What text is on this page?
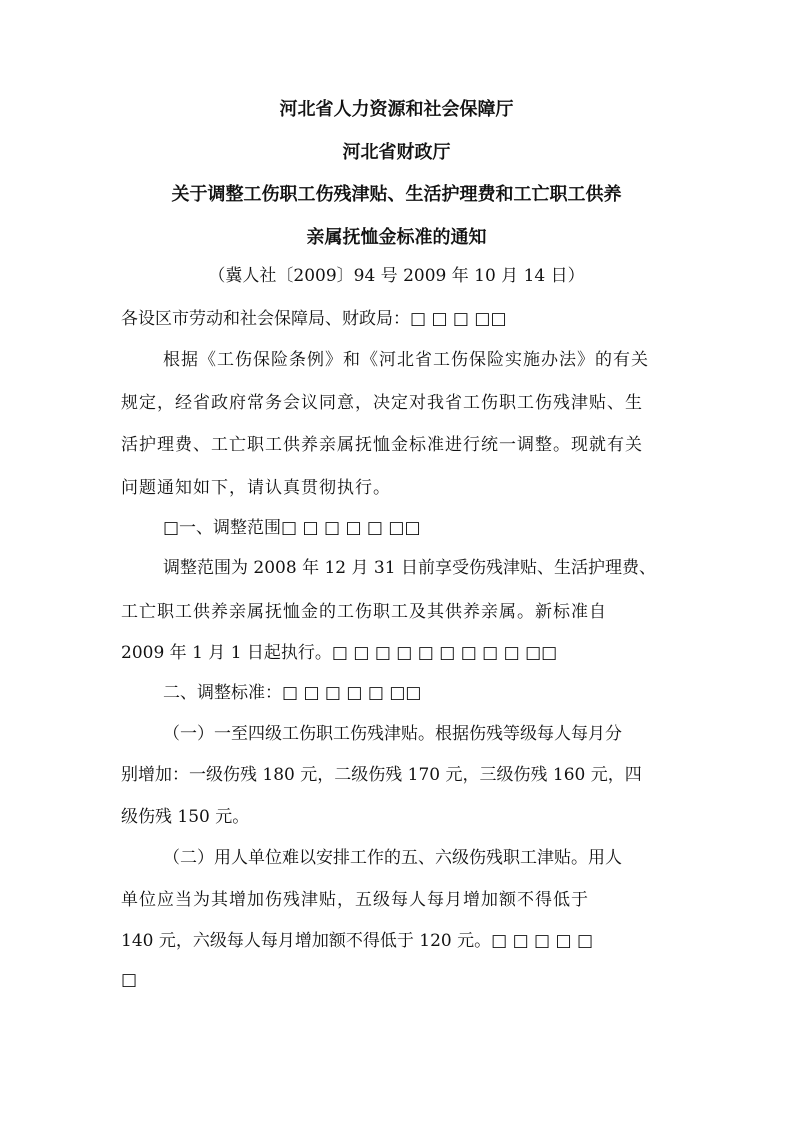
河北省人力资源和社会保障厅
河北省财政厅
关于调整工伤职工伤残津贴、生活护理费和工亡职工供养
亲属抚恤金标准的通知
（冀人社〔2009〕94 号 2009 年 10 月 14 日）
各设区市劳动和社会保障局、财政局：□ □ □ □□
根据《工伤保险条例》和《河北省工伤保险实施办法》的有关
规定，经省政府常务会议同意，决定对我省工伤职工伤残津贴、生
活护理费、工亡职工供养亲属抚恤金标准进行统一调整。现就有关
问题通知如下，请认真贯彻执行。
□一、调整范围□ □ □ □ □ □□
调整范围为 2008 年 12 月 31 日前享受伤残津贴、生活护理费、
工亡职工供养亲属抚恤金的工伤职工及其供养亲属。新标准自
2009 年 1 月 1 日起执行。□ □ □ □ □ □ □ □ □ □□
二、调整标准：□ □ □ □ □ □□
（一）一至四级工伤职工伤残津贴。根据伤残等级每人每月分
别增加：一级伤残 180 元，二级伤残 170 元，三级伤残 160 元，四
级伤残 150 元。
（二）用人单位难以安排工作的五、六级伤残职工津贴。用人
单位应当为其增加伤残津贴，五级每人每月增加额不得低于
140 元，六级每人每月增加额不得低于 120 元。□ □ □ □ □
□
